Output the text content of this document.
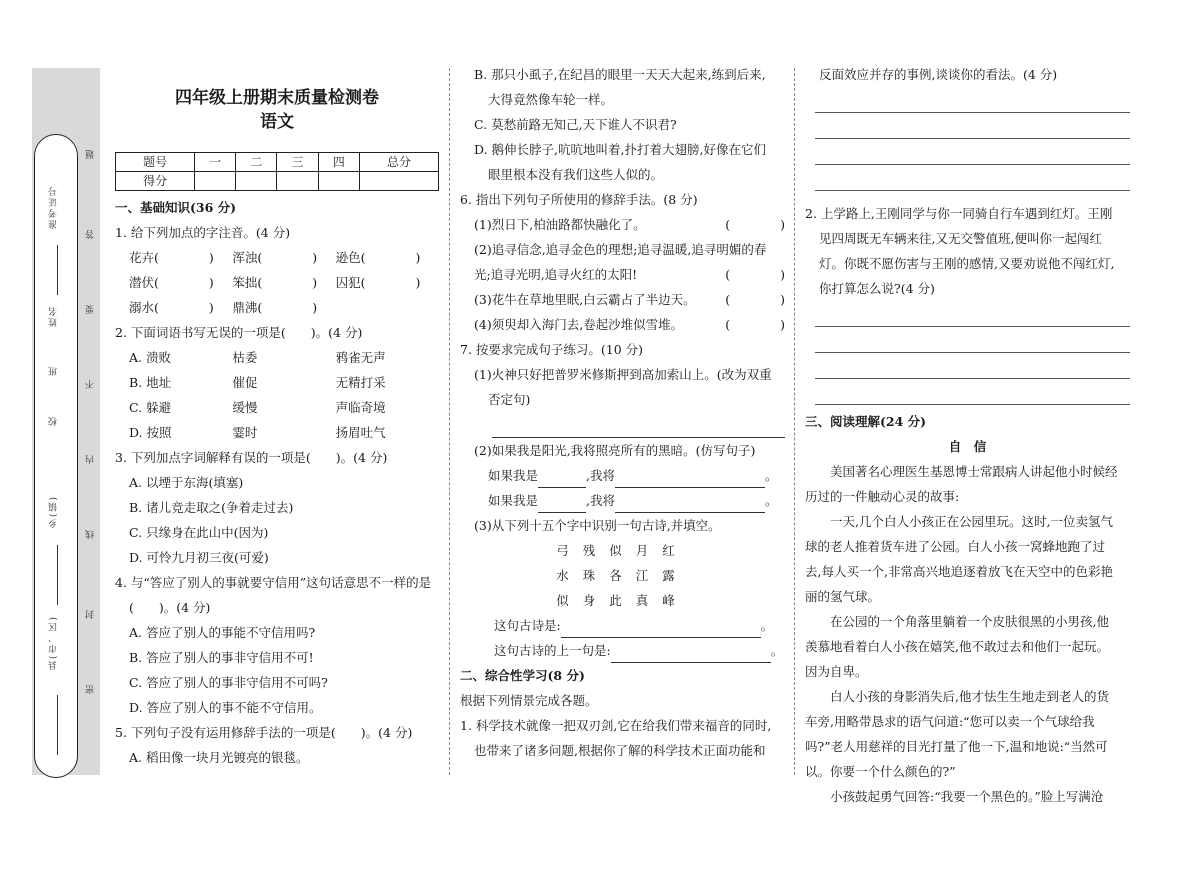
县(市、区)
乡(镇)
校
班
姓名
准考证号
密
封
线
内
不
要
答
题
四年级上册期末质量检测卷
语文
题号	一	二	三	四	总分
得分					
一、基础知识(36 分)
1. 给下列加点的字注音。(4 分)
花卉(　　　　)	浑浊(　　　　)	逊色(　　　　)
潜伏(　　　　)	笨拙(　　　　)	囚犯(　　　　)
溺水(　　　　)	鼎沸(　　　　)
2. 下面词语书写无误的一项是(　　)。(4 分)
A. 溃败	枯委	鸦雀无声
B. 地址	催促	无精打采
C. 躲避	缓慢	声临奇境
D. 按照	霎时	扬眉吐气
3. 下列加点字词解释有误的一项是(　　)。(4 分)
A. 以堙于东海(填塞)
B. 诸儿竞走取之(争着走过去)
C. 只缘身在此山中(因为)
D. 可怜九月初三夜(可爱)
4. 与“答应了别人的事就要守信用”这句话意思不一样的是
(　　)。(4 分)
A. 答应了别人的事能不守信用吗?
B. 答应了别人的事非守信用不可!
C. 答应了别人的事非守信用不可吗?
D. 答应了别人的事不能不守信用。
5. 下列句子没有运用修辞手法的一项是(　　)。(4 分)
A. 稻田像一块月光镀亮的银毯。
B. 那只小虱子,在纪昌的眼里一天天大起来,练到后来,
大得竟然像车轮一样。
C. 莫愁前路无知己,天下谁人不识君?
D. 鹅伸长脖子,吭吭地叫着,扑打着大翅膀,好像在它们
眼里根本没有我们这些人似的。
6. 指出下列句子所使用的修辞手法。(8 分)
(1)烈日下,柏油路都快融化了。	(　　　　)
(2)追寻信念,追寻金色的理想;追寻温暖,追寻明媚的春
光;追寻光明,追寻火红的太阳!	(　　　　)
(3)花牛在草地里眠,白云霸占了半边天。 (　　　　)
(4)须臾却入海门去,卷起沙堆似雪堆。	(　　　　)
7. 按要求完成句子练习。(10 分)
(1)火神只好把普罗米修斯押到高加索山上。(改为双重
否定句)
(2)如果我是阳光,我将照亮所有的黑暗。(仿写句子)
如果我是	,我将	。
如果我是	,我将	。
(3)从下列十五个字中识别一句古诗,并填空。
弓残似月红
水珠各江露
似身此真峰
这句古诗是:	。
这句古诗的上一句是:	。
二、综合性学习(8 分)
根据下列情景完成各题。
1. 科学技术就像一把双刃剑,它在给我们带来福音的同时,
也带来了诸多问题,根据你了解的科学技术正面功能和
反面效应并存的事例,谈谈你的看法。(4 分)
2. 上学路上,王刚同学与你一同骑自行车遇到红灯。王刚
见四周既无车辆来往,又无交警值班,便叫你一起闯红
灯。你既不愿伤害与王刚的感情,又要劝说他不闯红灯,
你打算怎么说?(4 分)
三、阅读理解(24 分)
自　信
美国著名心理医生基恩博士常跟病人讲起他小时候经
历过的一件触动心灵的故事:
一天,几个白人小孩正在公园里玩。这时,一位卖氢气
球的老人推着货车进了公园。白人小孩一窝蜂地跑了过
去,每人买一个,非常高兴地追逐着放飞在天空中的色彩艳
丽的氢气球。
在公园的一个角落里躺着一个皮肤很黑的小男孩,他
羡慕地看着白人小孩在嬉笑,他不敢过去和他们一起玩。
因为自卑。
白人小孩的身影消失后,他才怯生生地走到老人的货
车旁,用略带恳求的语气问道:“您可以卖一个气球给我
吗?”老人用慈祥的目光打量了他一下,温和地说:“当然可
以。你要一个什么颜色的?”
小孩鼓起勇气回答:“我要一个黑色的。”脸上写满沧
